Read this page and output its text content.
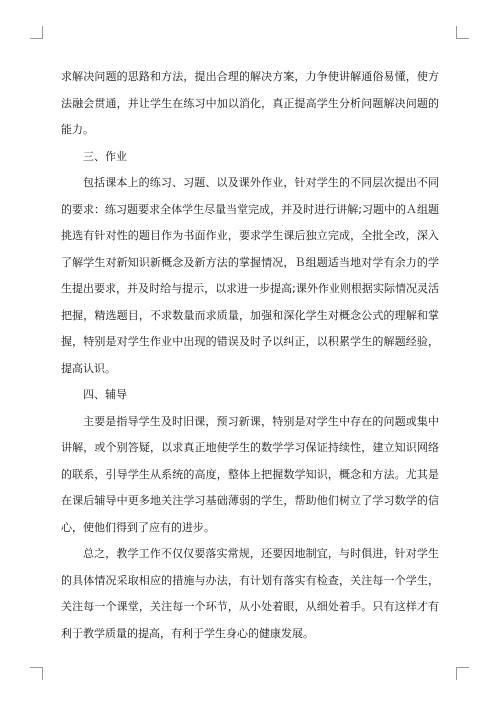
求解决问题的思路和方法，提出合理的解决方案，力争使讲解通俗易懂，使方法融会贯通，并让学生在练习中加以消化，真正提高学生分析问题解决问题的能力。

三、作业

包括课本上的练习、习题、以及课外作业，针对学生的不同层次提出不同的要求：练习题要求全体学生尽量当堂完成，并及时进行讲解;习题中的Ａ组题挑选有针对性的题目作为书面作业，要求学生课后独立完成，全批全改，深入了解学生对新知识新概念及新方法的掌握情况，Ｂ组题适当地对学有余力的学生提出要求，并及时给与提示，以求进一步提高;课外作业则根据实际情况灵活把握，精选题目，不求数量而求质量，加强和深化学生对概念公式的理解和掌握，特别是对学生作业中出现的错误及时予以纠正，以积累学生的解题经验，提高认识。

四、辅导

主要是指导学生及时旧课，预习新课，特别是对学生中存在的问题或集中讲解，或个别答疑，以求真正地使学生的数学学习保证持续性，建立知识网络的联系，引导学生从系统的高度，整体上把握数学知识，概念和方法。尤其是在课后辅导中更多地关注学习基础薄弱的学生，帮助他们树立了学习数学的信心，使他们得到了应有的进步。

总之，教学工作不仅仅要落实常规，还要因地制宜，与时俱进，针对学生的具体情况采取相应的措施与办法，有计划有落实有检查，关注每一个学生，关注每一个课堂，关注每一个环节，从小处着眼，从细处着手。只有这样才有利于教学质量的提高，有利于学生身心的健康发展。
